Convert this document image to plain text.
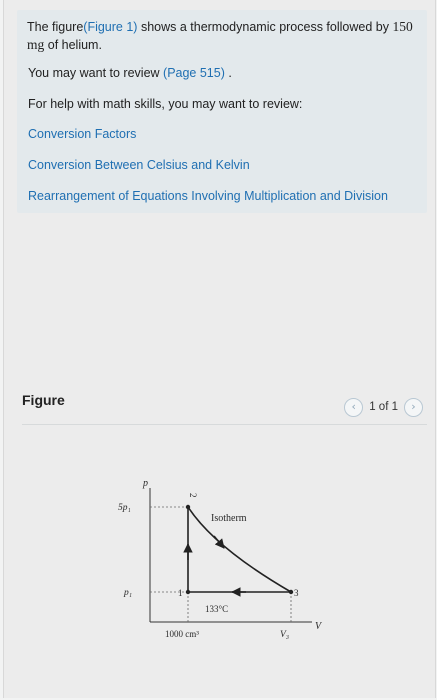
The figure(Figure 1) shows a thermodynamic process followed by 150 mg of helium.
You may want to review (Page 515) .
For help with math skills, you may want to review:
Conversion Factors
Conversion Between Celsius and Kelvin
Rearrangement of Equations Involving Multiplication and Division
Figure	‹	1 of 1	›
p
V
5p₁
p₁
1000 cm³	V₃
1
2
3
Isotherm
133°C
